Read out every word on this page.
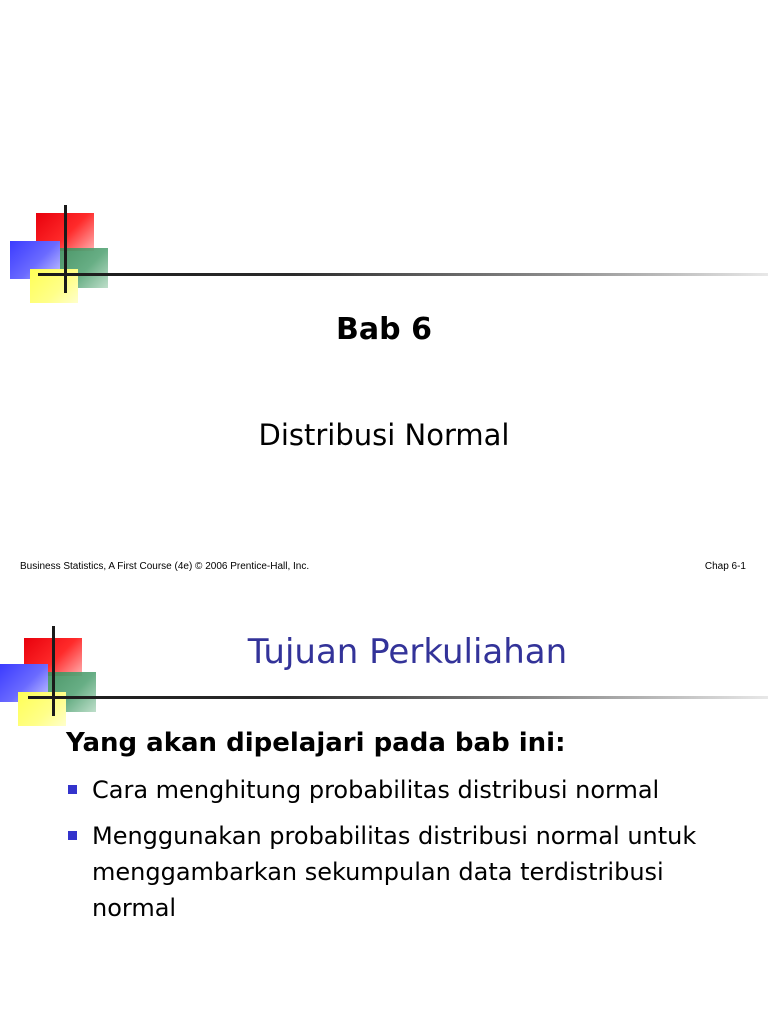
Bab 6
Distribusi Normal
Business Statistics, A First Course (4e) © 2006 Prentice-Hall, Inc.	Chap 6-1
Tujuan Perkuliahan
Yang akan dipelajari pada bab ini:
Cara menghitung probabilitas distribusi normal
Menggunakan probabilitas distribusi normal untuk menggambarkan sekumpulan data terdistribusi normal
